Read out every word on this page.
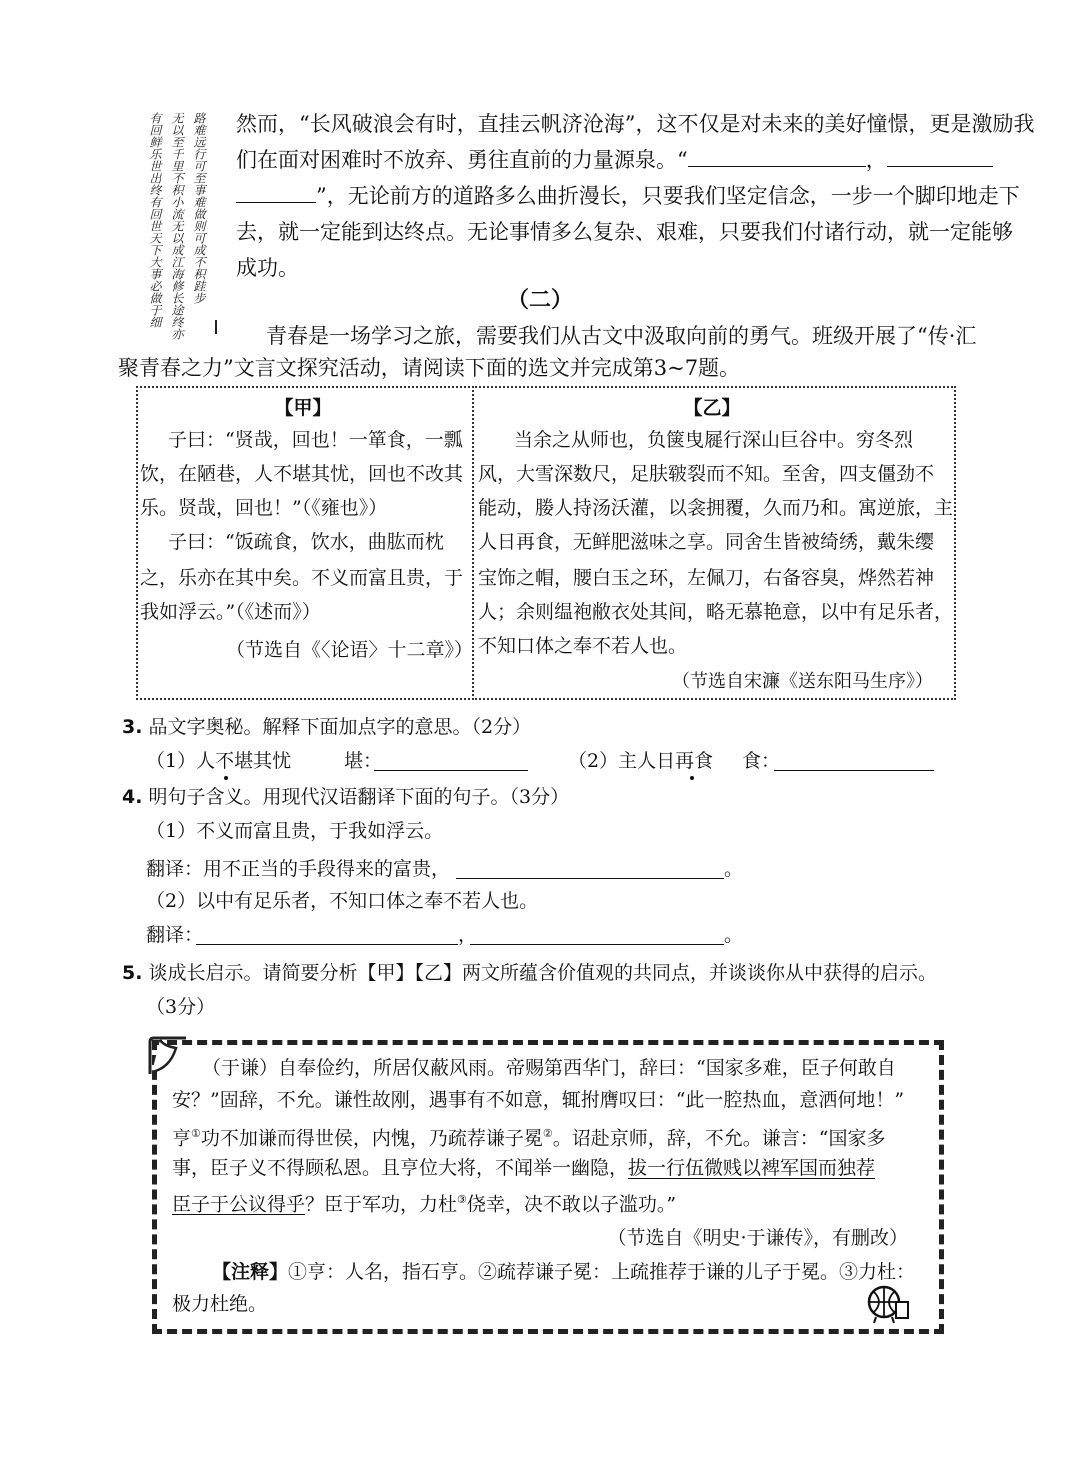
路难远行可至事难做则可成不积跬步
无以至千里不积小流无以成江海修长途终亦
有回鲜乐世出终有回世天下大事必做于细	然而，“长风破浪会有时，直挂云帆济沧海”，这不仅是对未来的美好憧憬，更是激励我
们在面对困难时不放弃、勇往直前的力量源泉。“	，
”，无论前方的道路多么曲折漫长，只要我们坚定信念，一步一个脚印地走下
去，就一定能到达终点。无论事情多么复杂、艰难，只要我们付诸行动，就一定能够
成功。
（二）
青春是一场学习之旅，需要我们从古文中汲取向前的勇气。班级开展了“传·汇
聚青春之力”文言文探究活动，请阅读下面的选文并完成第3~7题。
【甲】
子曰：“贤哉，回也！一箪食，一瓢
饮，在陋巷，人不堪其忧，回也不改其
乐。贤哉，回也！”（《雍也》）
子曰：“饭疏食，饮水，曲肱而枕
之，乐亦在其中矣。不义而富且贵，于
我如浮云。”（《述而》）
（节选自《〈论语〉十二章》）
【乙】
当余之从师也，负箧曳屣行深山巨谷中。穷冬烈
风，大雪深数尺，足肤皲裂而不知。至舍，四支僵劲不
能动，媵人持汤沃灌，以衾拥覆，久而乃和。寓逆旅，主
人日再食，无鲜肥滋味之享。同舍生皆被绮绣，戴朱缨
宝饰之帽，腰白玉之环，左佩刀，右备容臭，烨然若神
人；余则缊袍敝衣处其间，略无慕艳意，以中有足乐者，
不知口体之奉不若人也。
（节选自宋濂《送东阳马生序》）
3. 品文字奥秘。解释下面加点字的意思。（2分）
（1）人不堪其忧	堪：	（2）主人日再食 食：
4. 明句子含义。用现代汉语翻译下面的句子。（3分）
（1）不义而富且贵，于我如浮云。
翻译：用不正当的手段得来的富贵，	。
（2）以中有足乐者，不知口体之奉不若人也。
翻译：	，	。
5. 谈成长启示。请简要分析【甲】【乙】两文所蕴含价值观的共同点，并谈谈你从中获得的启示。
（3分）
（于谦）自奉俭约，所居仅蔽风雨。帝赐第西华门，辞曰：“国家多难，臣子何敢自
安？”固辞，不允。谦性故刚，遇事有不如意，辄拊膺叹曰：“此一腔热血，意洒何地！”
亨①功不加谦而得世侯，内愧，乃疏荐谦子冕②。诏赴京师，辞，不允。谦言：“国家多
事，臣子义不得顾私恩。且亨位大将，不闻举一幽隐，拔一行伍微贱以裨军国而独荐
臣子于公议得乎？臣于军功，力杜③侥幸，决不敢以子滥功。”
（节选自《明史·于谦传》，有删改）
【注释】①亨：人名，指石亨。②疏荐谦子冕：上疏推荐于谦的儿子于冕。③力杜：
极力杜绝。
